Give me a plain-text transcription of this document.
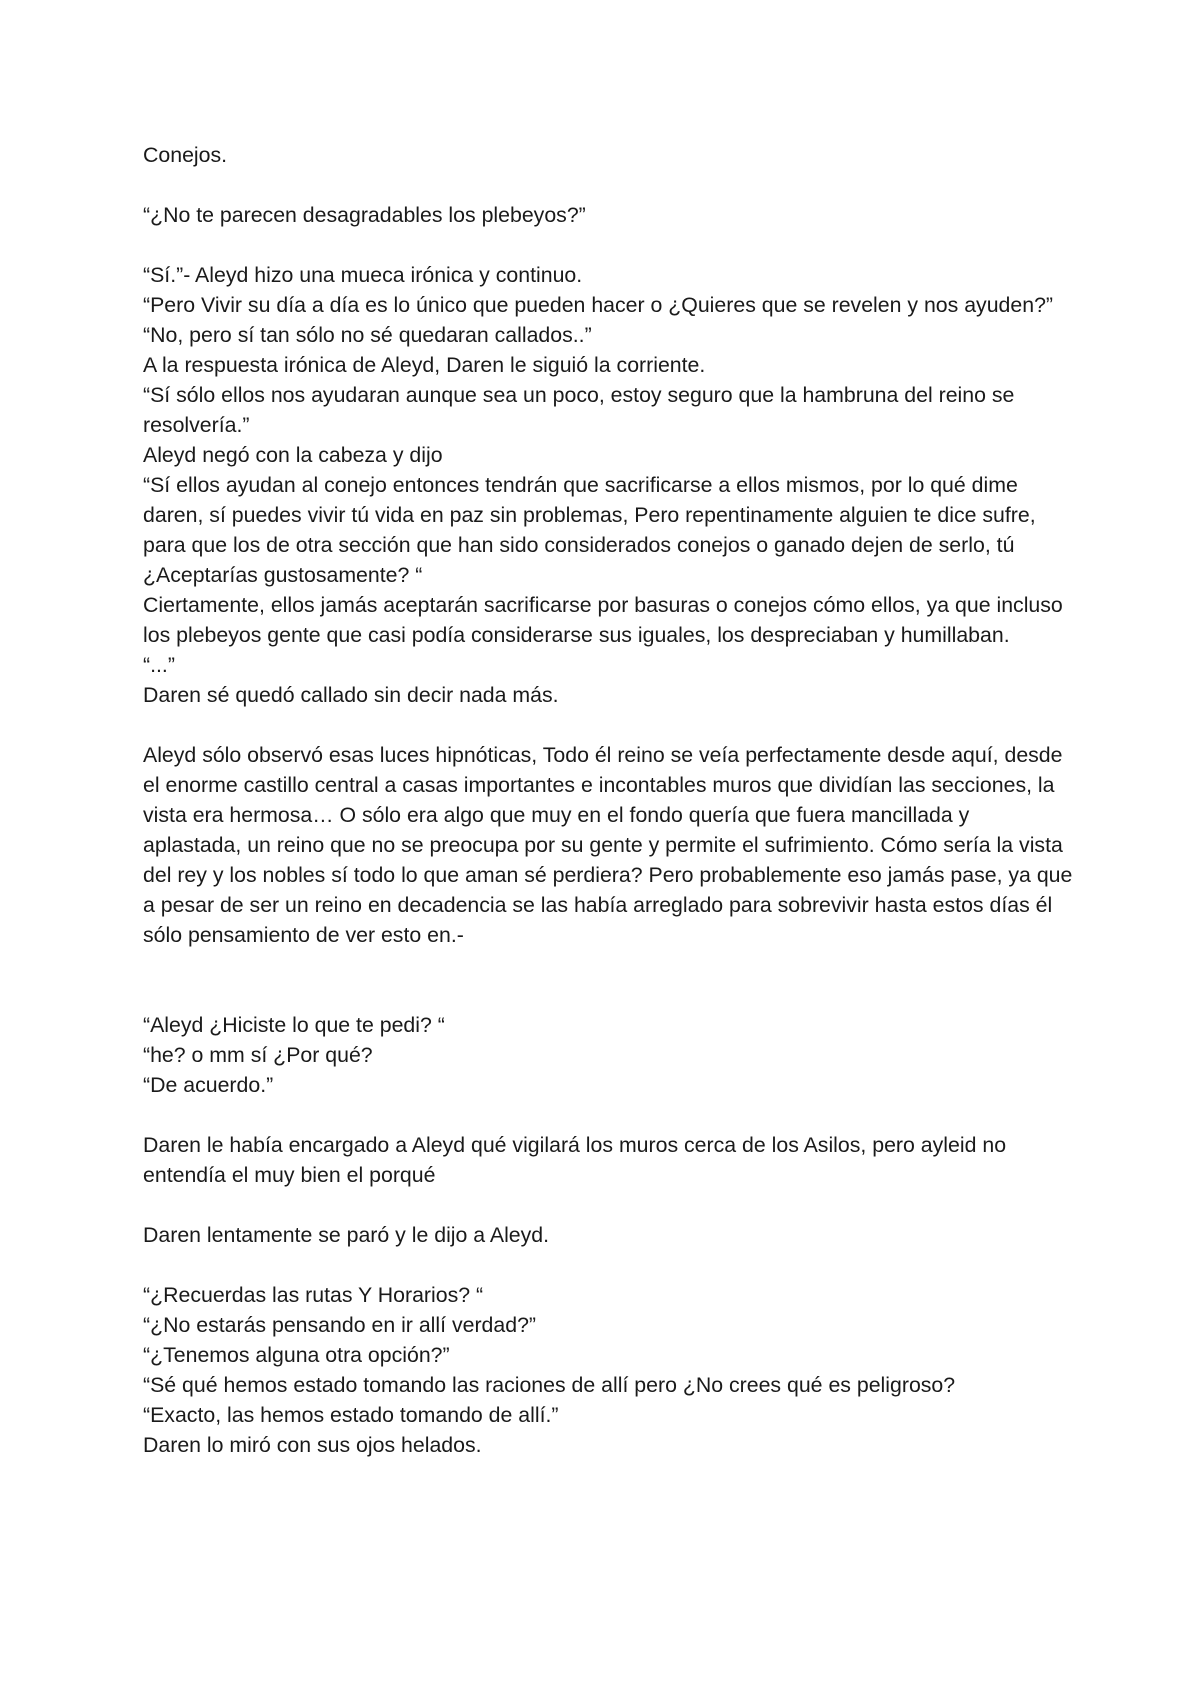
Conejos.

“¿No te parecen desagradables los plebeyos?”

“Sí.”- Aleyd hizo una mueca irónica y continuo.

“Pero Vivir su día a día es lo único que pueden hacer o ¿Quieres que se revelen y nos ayuden?”

“No, pero sí tan sólo no sé quedaran callados..”

A la respuesta irónica de Aleyd, Daren le siguió la corriente.

“Sí sólo ellos nos ayudaran aunque sea un poco, estoy seguro que la hambruna del reino se resolvería.”

Aleyd negó con la cabeza y dijo

“Sí ellos ayudan al conejo entonces tendrán que sacrificarse a ellos mismos, por lo qué dime daren, sí puedes vivir tú vida en paz sin problemas, Pero repentinamente alguien te dice sufre, para que los de otra sección que han sido considerados conejos o ganado dejen de serlo, tú ¿Aceptarías gustosamente? “

Ciertamente, ellos jamás aceptarán sacrificarse por basuras o conejos cómo ellos, ya que incluso los plebeyos gente que casi podía considerarse sus iguales, los despreciaban y humillaban.

“...”

Daren sé quedó callado sin decir nada más.

Aleyd sólo observó esas luces hipnóticas, Todo él reino se veía perfectamente desde aquí, desde el enorme castillo central a casas importantes e incontables muros que dividían las secciones, la vista era hermosa… O sólo era algo que muy en el fondo quería que fuera mancillada y aplastada, un reino que no se preocupa por su gente y permite el sufrimiento. Cómo sería la vista del rey y los nobles sí todo lo que aman sé perdiera? Pero probablemente eso jamás pase, ya que a pesar de ser un reino en decadencia se las había arreglado para sobrevivir hasta estos días él sólo pensamiento de ver esto en.-

“Aleyd ¿Hiciste lo que te pedi? “

“he? o mm sí ¿Por qué?

“De acuerdo.”

Daren le había encargado a Aleyd qué vigilará los muros cerca de los Asilos, pero ayleid no entendía el muy bien el porqué

Daren lentamente se paró y le dijo a Aleyd.

“¿Recuerdas las rutas Y Horarios? “

“¿No estarás pensando en ir allí verdad?”

“¿Tenemos alguna otra opción?”

“Sé qué hemos estado tomando las raciones de allí pero ¿No crees qué es peligroso?

“Exacto, las hemos estado tomando de allí.”

Daren lo miró con sus ojos helados.
